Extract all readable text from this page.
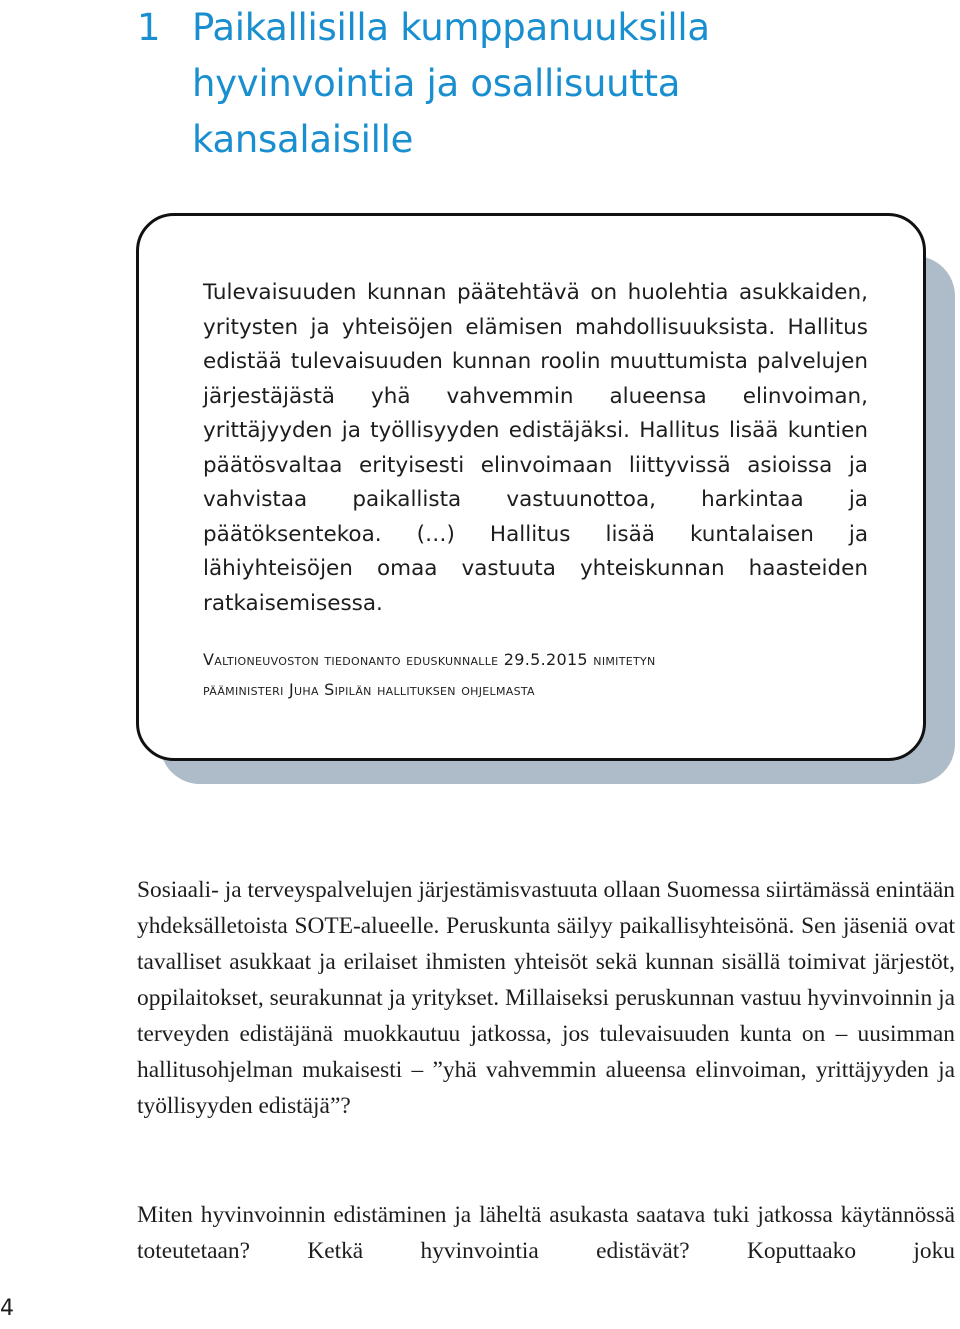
1 Paikallisilla kumppanuuksilla hyvinvointia ja osallisuutta kansalaisille
Tulevaisuuden kunnan päätehtävä on huolehtia asukkaiden, yritysten ja yhteisöjen elämisen mahdollisuuksista. Hallitus edistää tulevaisuuden kunnan roolin muuttumista palvelujen järjestäjästä yhä vahvemmin alueensa elinvoiman, yrittäjyyden ja työllisyyden edistäjäksi. Hallitus lisää kuntien päätösvaltaa erityisesti elinvoimaan liittyvissä asioissa ja vahvistaa paikallista vastuunottoa, harkintaa ja päätöksentekoa. (…) Hallitus lisää kuntalaisen ja lähiyhteisöjen omaa vastuuta yhteiskunnan haasteiden ratkaisemisessa.
Valtioneuvoston tiedonanto eduskunnalle 29.5.2015 nimitetyn
pääministeri Juha Sipilän hallituksen ohjelmasta
Sosiaali- ja terveyspalvelujen järjestämisvastuuta ollaan Suomessa siirtämässä enintään yhdeksälletoista SOTE-alueelle. Peruskunta säilyy paikallisyhteisönä. Sen jäseniä ovat tavalliset asukkaat ja erilaiset ihmisten yhteisöt sekä kunnan sisällä toimivat järjestöt, oppilaitokset, seurakunnat ja yritykset. Millaiseksi peruskunnan vastuu hyvinvoinnin ja terveyden edistäjänä muokkautuu jatkossa, jos tulevaisuuden kunta on – uusimman hallitusohjelman mukaisesti – ”yhä vahvemmin alueensa elinvoiman, yrittäjyyden ja työllisyyden edistäjä”?
Miten hyvinvoinnin edistäminen ja läheltä asukasta saatava tuki jatkossa käytännössä toteutetaan? Ketkä hyvinvointia edistävät? Koputtaako joku
4
